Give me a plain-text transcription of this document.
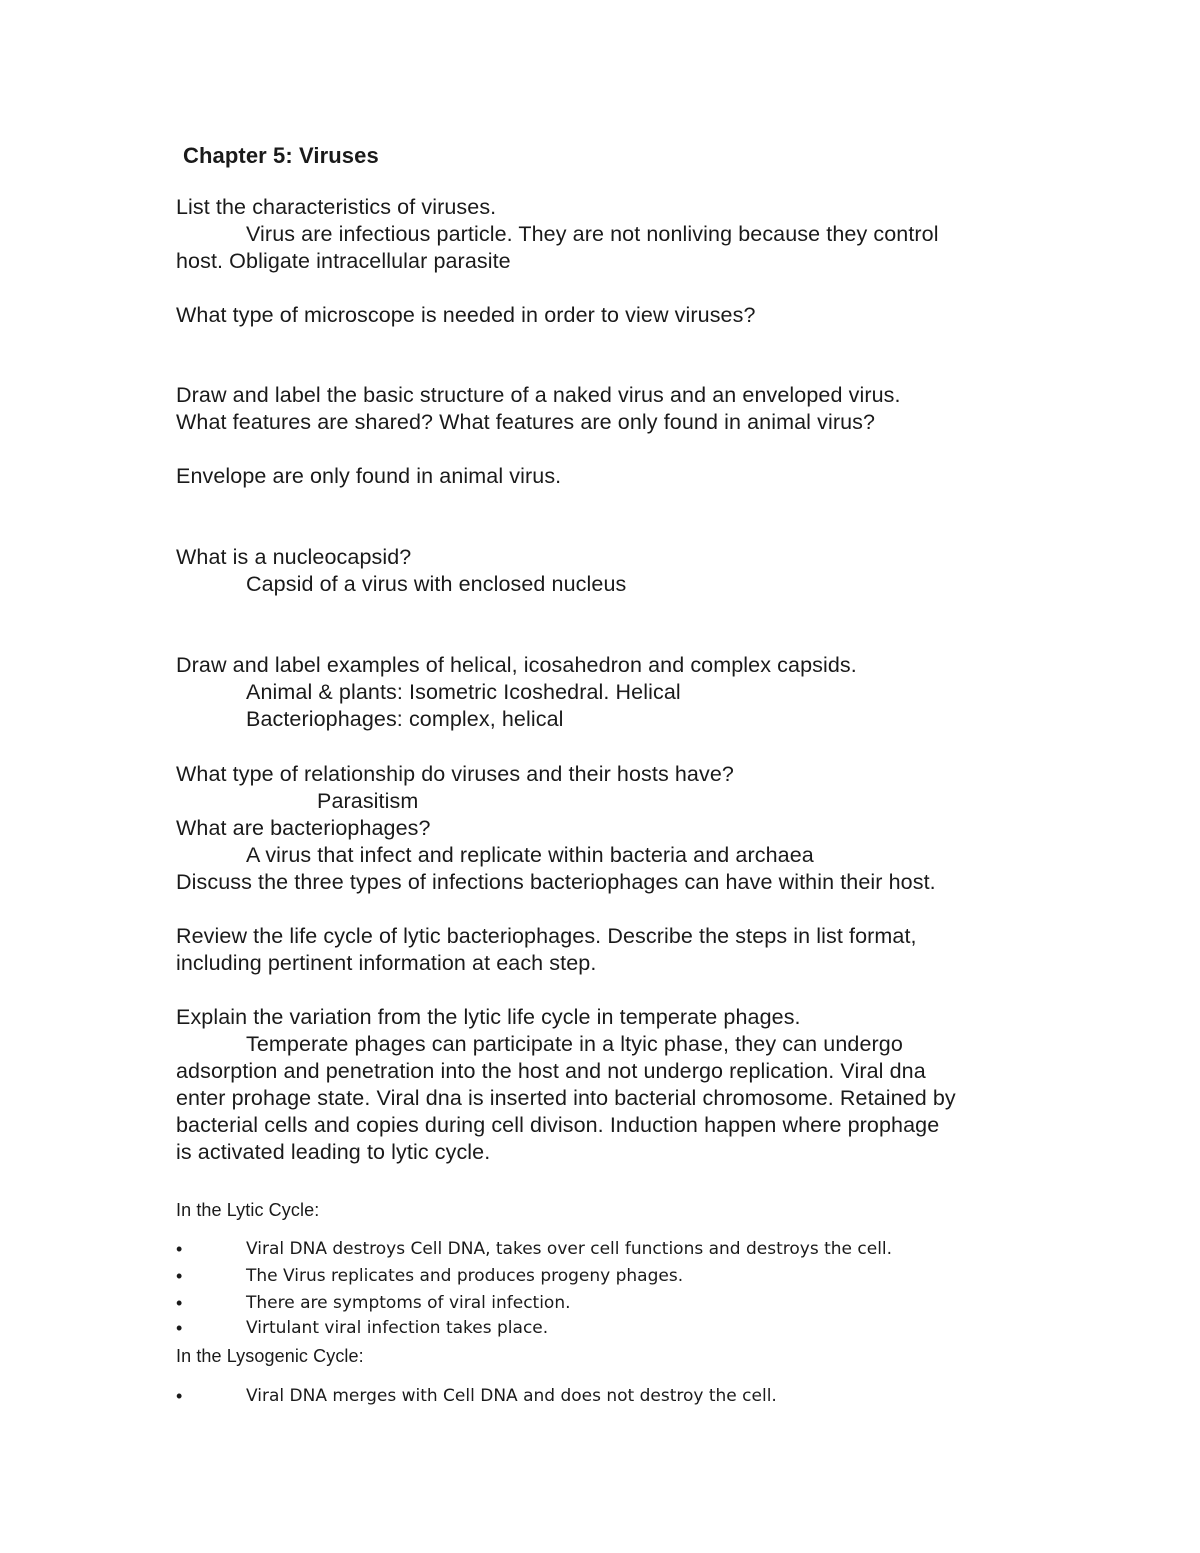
Chapter 5: Viruses
List the characteristics of viruses.
Virus are infectious particle. They are not nonliving because they control
host. Obligate intracellular parasite
What type of microscope is needed in order to view viruses?
Draw and label the basic structure of a naked virus and an enveloped virus.
What features are shared? What features are only found in animal virus?
Envelope are only found in animal virus.
What is a nucleocapsid?
Capsid of a virus with enclosed nucleus
Draw and label examples of helical, icosahedron and complex capsids.
Animal & plants: Isometric Icoshedral. Helical
Bacteriophages: complex, helical
What type of relationship do viruses and their hosts have?
Parasitism
What are bacteriophages?
A virus that infect and replicate within bacteria and archaea
Discuss the three types of infections bacteriophages can have within their host.
Review the life cycle of lytic bacteriophages. Describe the steps in list format,
including pertinent information at each step.
Explain the variation from the lytic life cycle in temperate phages.
Temperate phages can participate in a ltyic phase, they can undergo
adsorption and penetration into the host and not undergo replication. Viral dna
enter prohage state. Viral dna is inserted into bacterial chromosome. Retained by
bacterial cells and copies during cell divison. Induction happen where prophage
is activated leading to lytic cycle.
In the Lytic Cycle:
•	Viral DNA destroys Cell DNA, takes over cell functions and destroys the cell.
•	The Virus replicates and produces progeny phages.
•	There are symptoms of viral infection.
•	Virtulant viral infection takes place.
In the Lysogenic Cycle:
•	Viral DNA merges with Cell DNA and does not destroy the cell.
